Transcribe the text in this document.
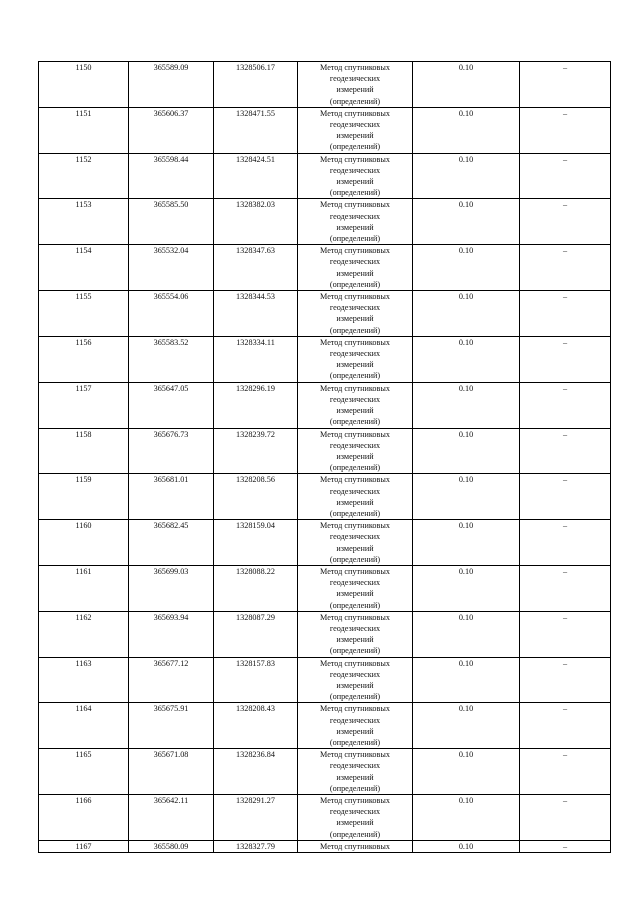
1150	365589.09	1328506.17	Метод спутниковых
геодезических
измерений
(определений)	0.10	–
1151	365606.37	1328471.55	Метод спутниковых
геодезических
измерений
(определений)	0.10	–
1152	365598.44	1328424.51	Метод спутниковых
геодезических
измерений
(определений)	0.10	–
1153	365585.50	1328382.03	Метод спутниковых
геодезических
измерений
(определений)	0.10	–
1154	365532.04	1328347.63	Метод спутниковых
геодезических
измерений
(определений)	0.10	–
1155	365554.06	1328344.53	Метод спутниковых
геодезических
измерений
(определений)	0.10	–
1156	365583.52	1328334.11	Метод спутниковых
геодезических
измерений
(определений)	0.10	–
1157	365647.05	1328296.19	Метод спутниковых
геодезических
измерений
(определений)	0.10	–
1158	365676.73	1328239.72	Метод спутниковых
геодезических
измерений
(определений)	0.10	–
1159	365681.01	1328208.56	Метод спутниковых
геодезических
измерений
(определений)	0.10	–
1160	365682.45	1328159.04	Метод спутниковых
геодезических
измерений
(определений)	0.10	–
1161	365699.03	1328088.22	Метод спутниковых
геодезических
измерений
(определений)	0.10	–
1162	365693.94	1328087.29	Метод спутниковых
геодезических
измерений
(определений)	0.10	–
1163	365677.12	1328157.83	Метод спутниковых
геодезических
измерений
(определений)	0.10	–
1164	365675.91	1328208.43	Метод спутниковых
геодезических
измерений
(определений)	0.10	–
1165	365671.08	1328236.84	Метод спутниковых
геодезических
измерений
(определений)	0.10	–
1166	365642.11	1328291.27	Метод спутниковых
геодезических
измерений
(определений)	0.10	–
1167	365580.09	1328327.79	Метод спутниковых	0.10	–
